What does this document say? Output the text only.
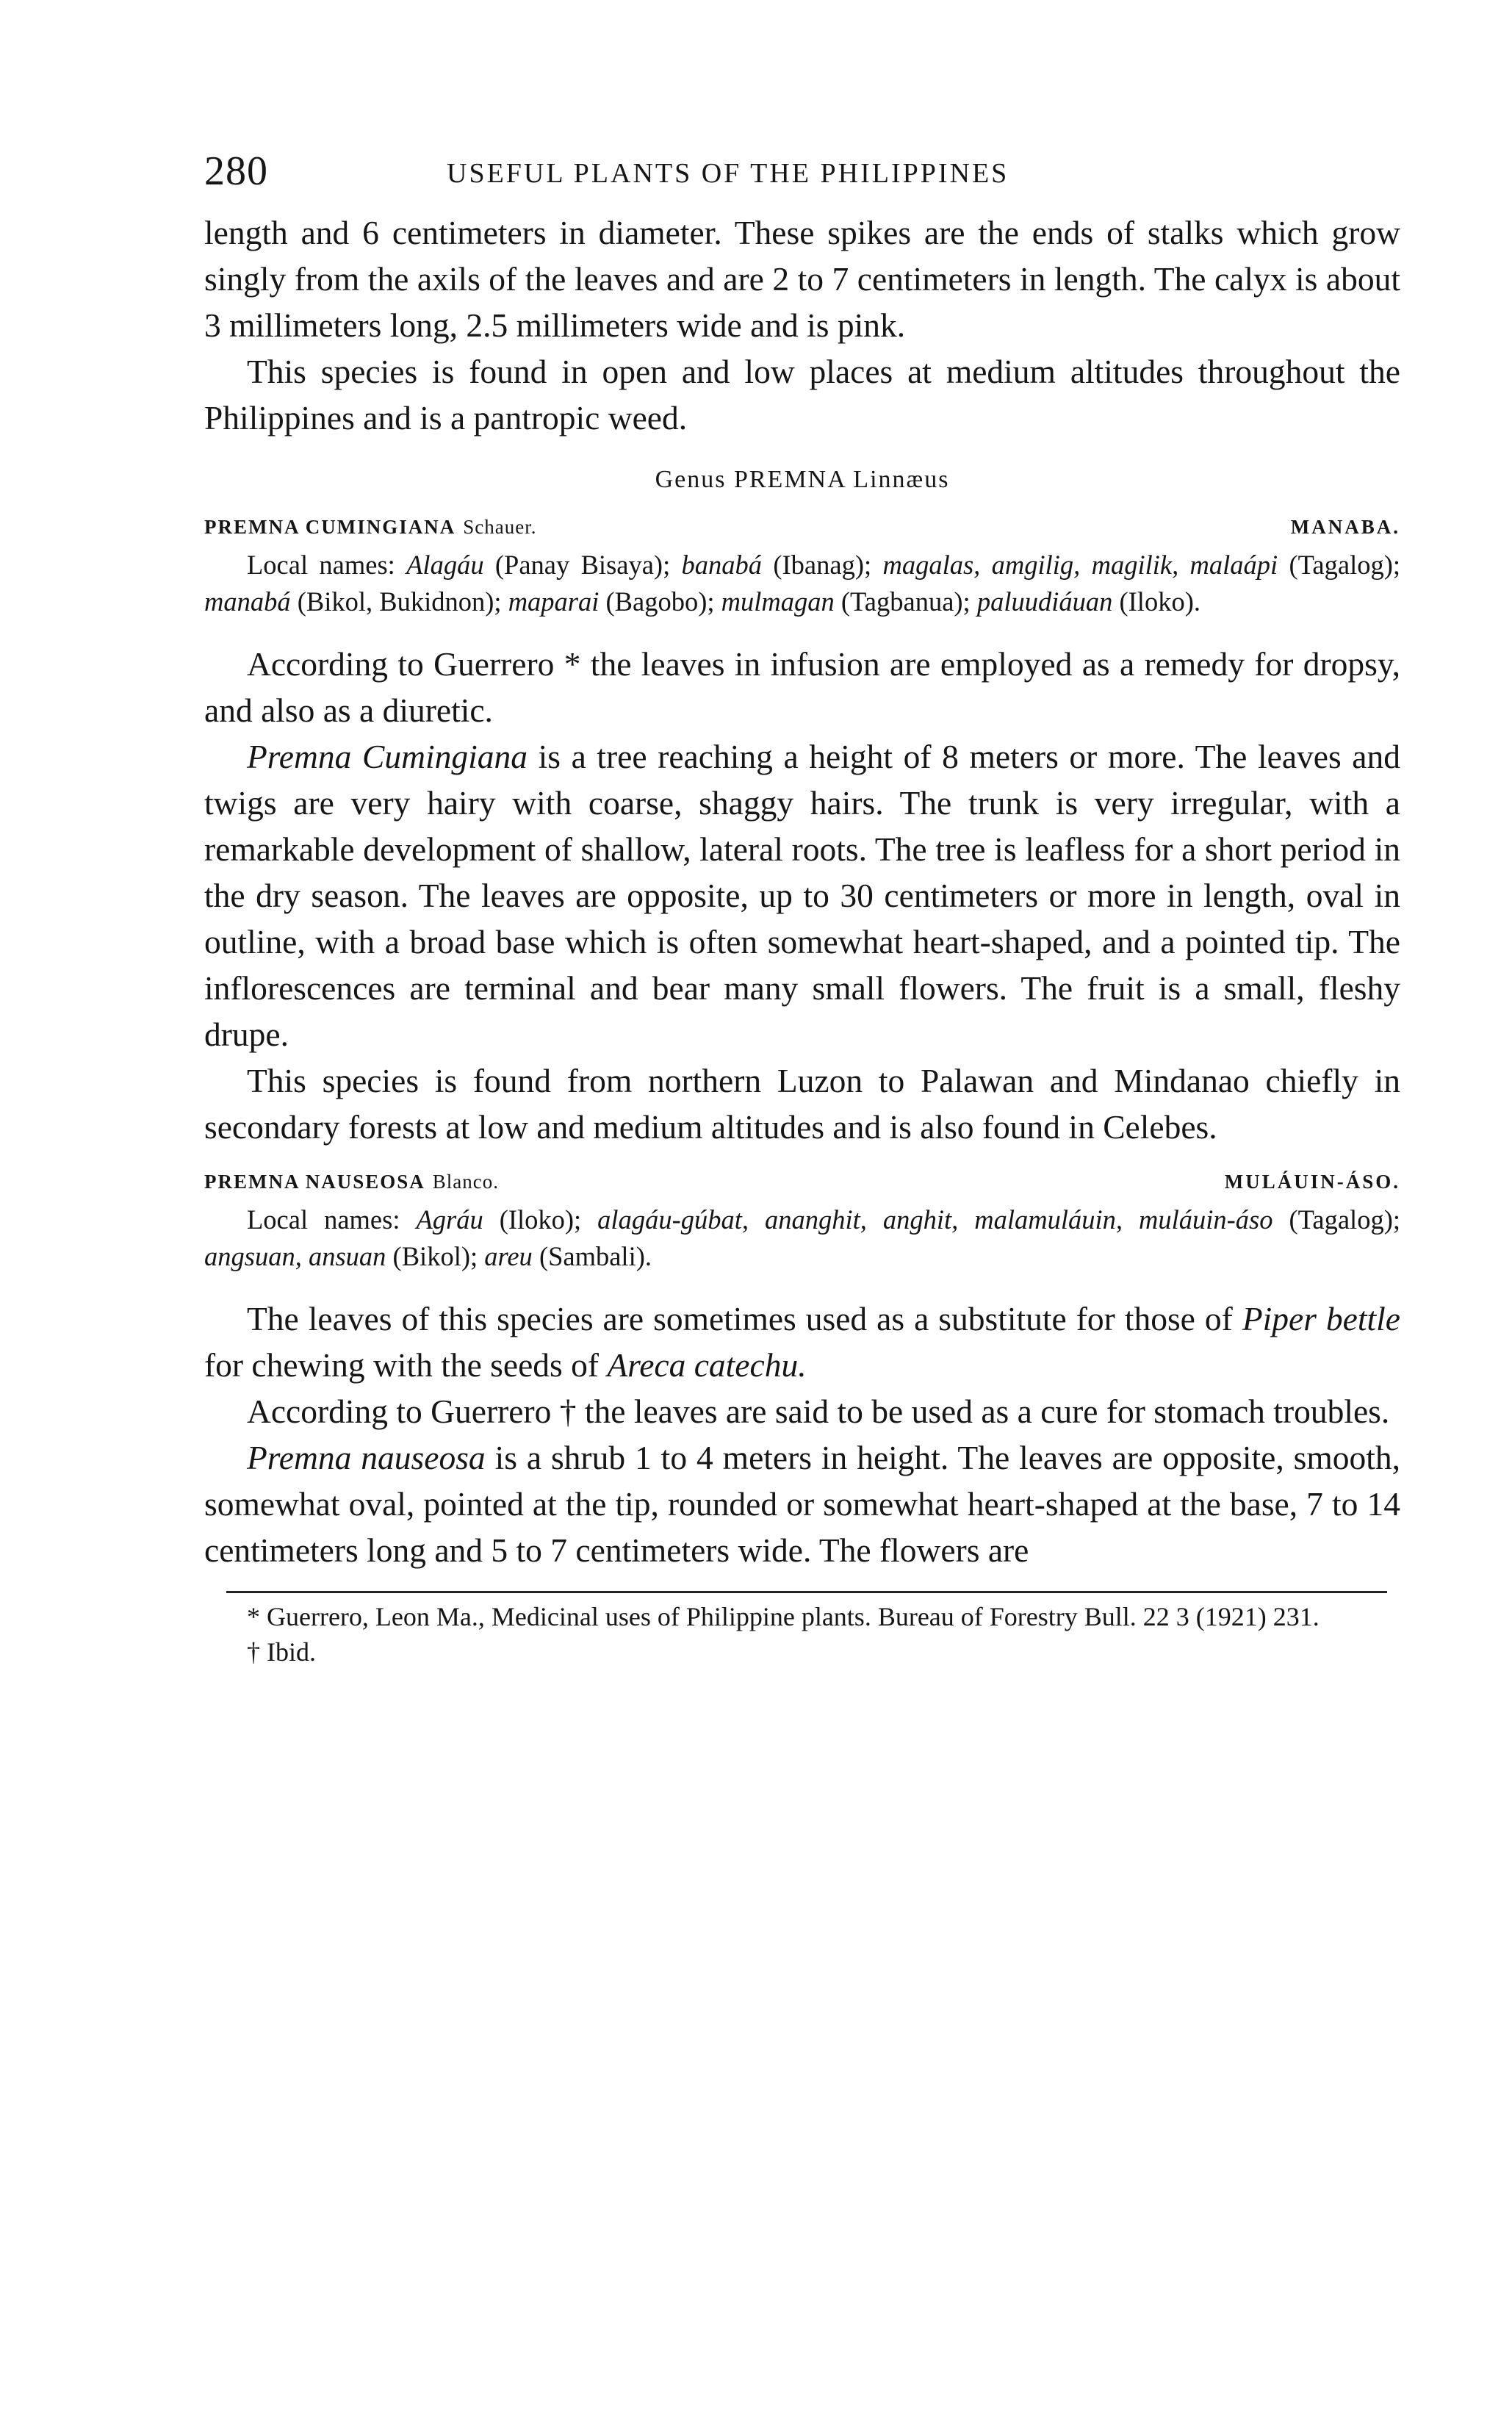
280	USEFUL PLANTS OF THE PHILIPPINES

length and 6 centimeters in diameter. These spikes are the ends of stalks which grow singly from the axils of the leaves and are 2 to 7 centimeters in length. The calyx is about 3 millimeters long, 2.5 millimeters wide and is pink.

This species is found in open and low places at medium altitudes throughout the Philippines and is a pantropic weed.

Genus PREMNA Linnæus
PREMNA CUMINGIANA Schauer.	MANABA.

Local names: Alagáu (Panay Bisaya); banabá (Ibanag); magalas, amgilig, magilik, malaápi (Tagalog); manabá (Bikol, Bukidnon); maparai (Bagobo); mulmagan (Tagbanua); paluudiáuan (Iloko).

According to Guerrero * the leaves in infusion are employed as a remedy for dropsy, and also as a diuretic.

Premna Cumingiana is a tree reaching a height of 8 meters or more. The leaves and twigs are very hairy with coarse, shaggy hairs. The trunk is very irregular, with a remarkable development of shallow, lateral roots. The tree is leafless for a short period in the dry season. The leaves are opposite, up to 30 centimeters or more in length, oval in outline, with a broad base which is often somewhat heart-shaped, and a pointed tip. The inflorescences are terminal and bear many small flowers. The fruit is a small, fleshy drupe.

This species is found from northern Luzon to Palawan and Mindanao chiefly in secondary forests at low and medium altitudes and is also found in Celebes.

PREMNA NAUSEOSA Blanco.	MULÁUIN-ÁSO.

Local names: Agráu (Iloko); alagáu-gúbat, ananghit, anghit, malamuláuin, muláuin-áso (Tagalog); angsuan, ansuan (Bikol); areu (Sambali).

The leaves of this species are sometimes used as a substitute for those of Piper bettle for chewing with the seeds of Areca catechu.

According to Guerrero † the leaves are said to be used as a cure for stomach troubles.

Premna nauseosa is a shrub 1 to 4 meters in height. The leaves are opposite, smooth, somewhat oval, pointed at the tip, rounded or somewhat heart-shaped at the base, 7 to 14 centimeters long and 5 to 7 centimeters wide. The flowers are

* Guerrero, Leon Ma., Medicinal uses of Philippine plants. Bureau of Forestry Bull. 22 3 (1921) 231.

† Ibid.
